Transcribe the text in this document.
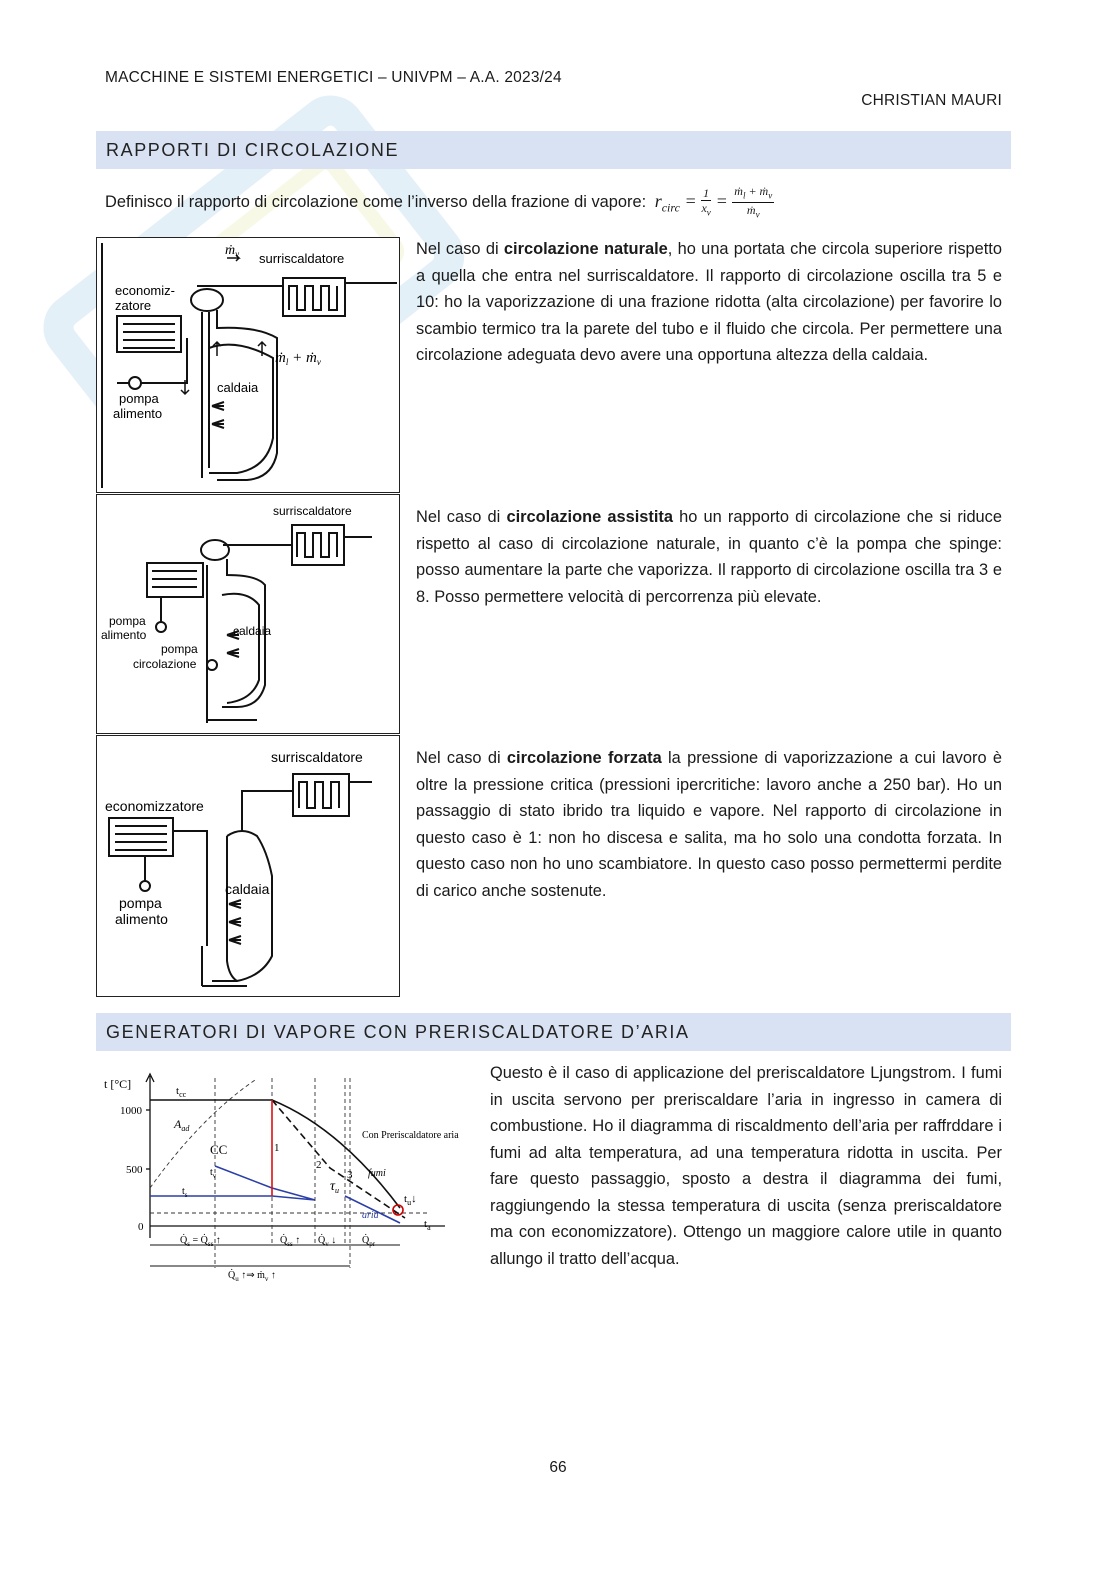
MACCHINE E SISTEMI ENERGETICI – UNIVPM – A.A. 2023/24
CHRISTIAN MAURI
RAPPORTI DI CIRCOLAZIONE
Definisco il rapporto di circolazione come l’inverso della frazione di vapore: $r_{circ} = \frac{1}{x_v} = \frac{ṁ_l + ṁ_v}{ṁ_v}$
ṁ$_v$ surriscaldatore
economiz-
zatore
ṁ$_l$ + ṁ$_v$
caldaia
pompa
alimento
Nel caso di circolazione naturale, ho una portata che circola superiore rispetto a quella che entra nel surriscaldatore. Il rapporto di circolazione oscilla tra 5 e 10: ho la vaporizzazione di una frazione ridotta (alta circolazione) per favorire lo scambio termico tra la parete del tubo e il fluido che circola. Per permettere una circolazione adeguata devo avere una opportuna altezza della caldaia.
surriscaldatore
pompa
alimento	caldaia
pompa
circolazione
Nel caso di circolazione assistita ho un rapporto di circolazione che si riduce rispetto al caso di circolazione naturale, in quanto c’è la pompa che spinge: posso aumentare la parte che vaporizza. Il rapporto di circolazione oscilla tra 3 e 8. Posso permettere velocità di percorrenza più elevate.
surriscaldatore
economizzatore
caldaia
pompa
alimento
Nel caso di circolazione forzata la pressione di vaporizzazione a cui lavoro è oltre la pressione critica (pressioni ipercritiche: lavoro anche a 250 bar). Ho un passaggio di stato ibrido tra liquido e vapore. Nel rapporto di circolazione in questo caso è 1: non ho discesa e salita, ma ho solo una condotta forzata. In questo caso non ho uno scambiatore. In questo caso posso permettermi perdite di carico anche sostenute.
GENERATORI DI VAPORE CON PRERISCALDATORE D’ARIA
t [°C]
1000
500
0
$t_{cc}$
$A_{ad}$
CC
$t_v$
$t_s$
1
2
3
$\tau_u$
Con Preriscaldatore aria
fumi
aria
$t_u↓$
$t_a$
$Q̇_s$ = $Q̇_{ss}$ ↑	$Q̇_{ss}$ ↑ $Q̇_v$ ↓	$Q̇_{pr}$
$Q̇_u$ ↑⇒ ṁ$_v$ ↑
Questo è il caso di applicazione del preriscaldatore Ljungstrom. I fumi in uscita servono per preriscaldare l’aria in ingresso in camera di combustione. Ho il diagramma di riscaldmento dell’aria per raffrddare i fumi ad alta temperatura, ad una temperatura ridotta in uscita. Per fare questo passaggio, sposto a destra il diagramma dei fumi, raggiungendo la stessa temperatura di uscita (senza preriscaldatore ma con economizzatore). Ottengo un maggiore calore utile in quanto allungo il tratto dell’acqua.
66
